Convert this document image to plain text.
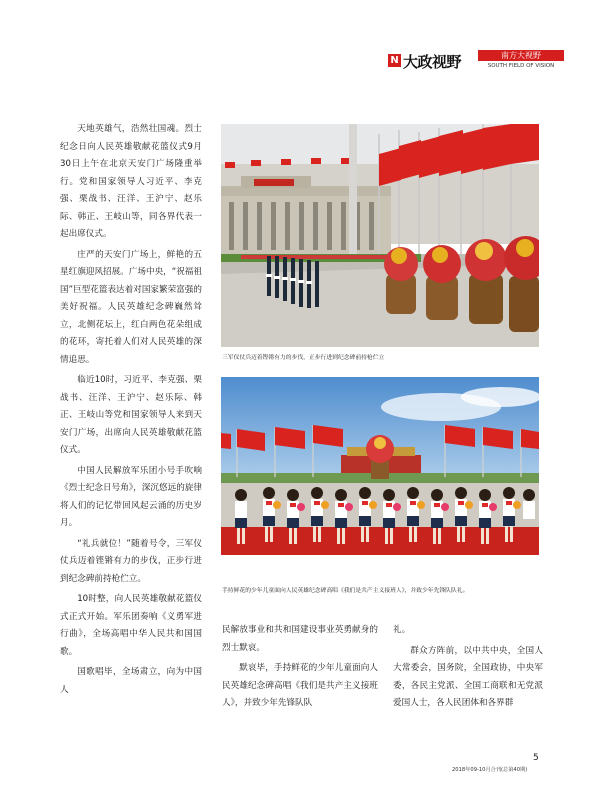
N 大政视野	南方大视野
SOUTH FIELD OF VISION

天地英雄气，浩然壮国魂。烈士纪念日向人民英雄敬献花篮仪式9月30日上午在北京天安门广场隆重举行。党和国家领导人习近平、李克强、栗战书、汪洋、王沪宁、赵乐际、韩正、王岐山等，同各界代表一起出席仪式。

庄严的天安门广场上，鲜艳的五星红旗迎风招展。广场中央，“祝福祖国”巨型花篮表达着对国家繁荣富强的美好祝福。人民英雄纪念碑巍然耸立，北侧花坛上，红白两色花朵组成的花环，寄托着人们对人民英雄的深情追思。

临近10时，习近平、李克强、栗战书、汪洋、王沪宁、赵乐际、韩正、王岐山等党和国家领导人来到天安门广场，出席向人民英雄敬献花篮仪式。

中国人民解放军乐团小号手吹响《烈士纪念日号角》，深沉悠远的旋律将人们的记忆带回风起云涌的历史岁月。

“礼兵就位！”随着号令，三军仪仗兵迈着铿锵有力的步伐，正步行进到纪念碑前持枪伫立。

10时整，向人民英雄敬献花篮仪式正式开始。军乐团奏响《义勇军进行曲》，全场高唱中华人民共和国国歌。

国歌唱毕，全场肃立，向为中国人

三军仪仗兵迈着铿锵有力的步伐，正步行进到纪念碑前持枪伫立
手持鲜花的少年儿童面向人民英雄纪念碑高唱《我们是共产主义接班人》，并致少年先锋队队礼。

民解放事业和共和国建设事业英勇献身的烈士默哀。

默哀毕，手持鲜花的少年儿童面向人民英雄纪念碑高唱《我们是共产主义接班人》，并致少年先锋队队

礼。

群众方阵前，以中共中央，全国人大常委会，国务院，全国政协，中央军委，各民主党派、全国工商联和无党派爱国人士，各人民团体和各界群

5
2018年09-10月合刊(总第40期)
